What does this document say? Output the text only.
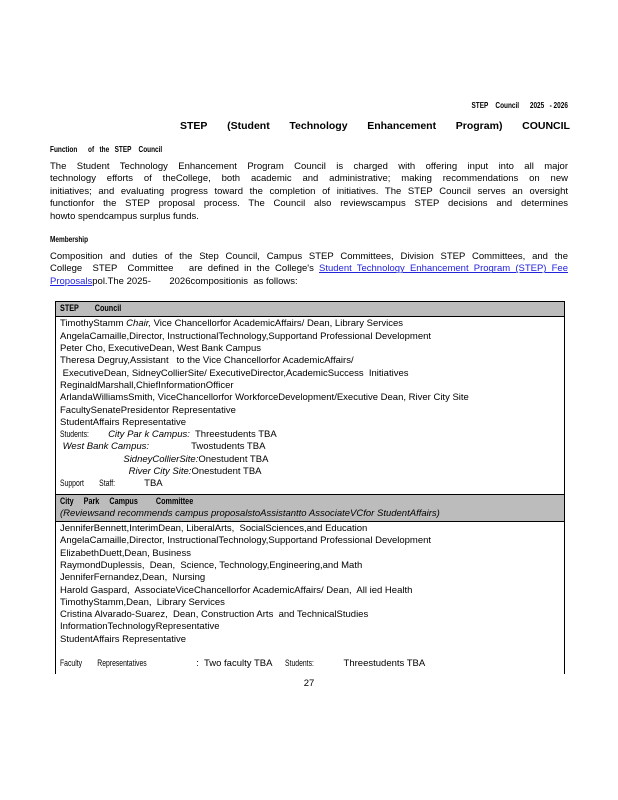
STEP    Council      2025   - 2026
STEP (Student Technology Enhancement Program) COUNCIL
Function      of   the   STEP    Council
The Student Technology Enhancement Program Council is charged with offering input into all major
technology efforts of theCollege, both academic and administrative; making recommendations on new
initiatives; and evaluating progress toward the completion of initiatives. The STEP Council serves an oversight
functionfor the STEP proposal process. The Council also reviewscampus STEP decisions and determines
howto spendcampus surplus funds.
Membership
Composition and duties of the Step Council, Campus STEP Committees, Division STEP Committees, and the
College  STEP  Committee   are defined in the College's Student Technology Enhancement Program (STEP) Fee
Proposalspol.The 2025-       2026compositionis  as follows:
STEP        Council
TimothyStamm Chair, Vice Chancellorfor AcademicAffairs/ Dean, Library Services
AngelaCamaille,Director, InstructionalTechnology,Supportand Professional Development
Peter Cho, ExecutiveDean, West Bank Campus
Theresa Degruy,Assistant   to the Vice Chancellorfor AcademicAffairs/
ExecutiveDean, SidneyCollierSite/ ExecutiveDirector,AcademicSuccess  Initiatives
ReginaldMarshall,ChiefInformationOfficer
ArlandaWilliamsSmith, ViceChancellorfor WorkforceDevelopment/Executive Dean, River City Site
FacultySenatePresidentor Representative
StudentAffairs Representative
Students: City Par k Campus:  Threestudents TBA
West Bank Campus:                Twostudents TBA
SidneyCollierSite:Onestudent TBA
River City Site:Onestudent TBA
Support        Staff:   TBA
City     Park     Campus         Committee
(Reviewsand recommends campus proposalstoAssistantto AssociateVCfor StudentAffairs)
JenniferBennett,InterimDean, LiberalArts,  SocialSciences,and Education
AngelaCamaille,Director, InstructionalTechnology,Supportand Professional Development
ElizabethDuett,Dean, Business
RaymondDuplessis,  Dean,  Science, Technology,Engineering,and Math
JenniferFernandez,Dean,  Nursing
Harold Gaspard,  AssociateViceChancellorfor AcademicAffairs/ Dean,  All ied Health
TimothyStamm,Dean,  Library Services
Cristina Alvarado-Suarez,  Dean, Construction Arts  and TechnicalStudies
InformationTechnologyRepresentative
StudentAffairs Representative

Faculty        Representatives	:  Two faculty TBA     Students:       Threestudents TBA
27
